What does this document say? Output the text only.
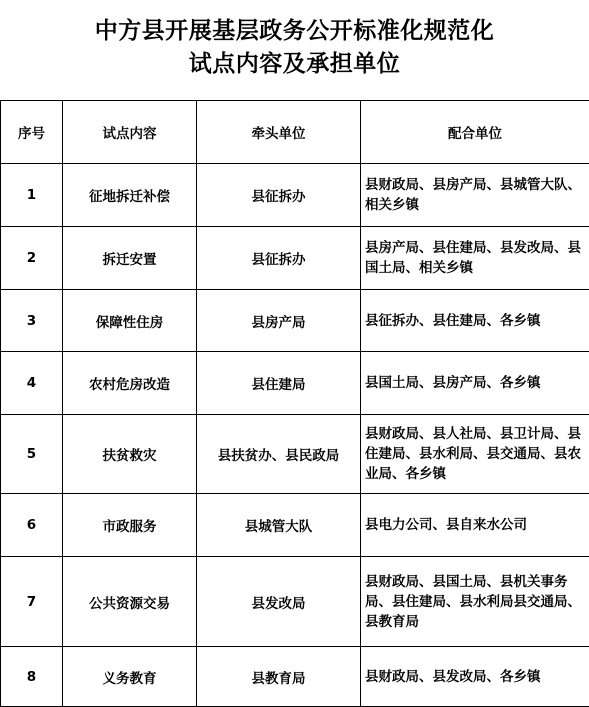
中方县开展基层政务公开标准化规范化
试点内容及承担单位
序号	试点内容	牵头单位	配合单位
1	征地拆迁补偿	县征拆办	县财政局、县房产局、县城管大队、相关乡镇
2	拆迁安置	县征拆办	县房产局、县住建局、县发改局、县国土局、相关乡镇
3	保障性住房	县房产局	县征拆办、县住建局、各乡镇
4	农村危房改造	县住建局	县国土局、县房产局、各乡镇
5	扶贫救灾	县扶贫办、县民政局	县财政局、县人社局、县卫计局、县住建局、县水利局、县交通局、县农业局、各乡镇
6	市政服务	县城管大队	县电力公司、县自来水公司
7	公共资源交易	县发改局	县财政局、县国土局、县机关事务局、县住建局、县水利局县交通局、县教育局
8	义务教育	县教育局	县财政局、县发改局、各乡镇
